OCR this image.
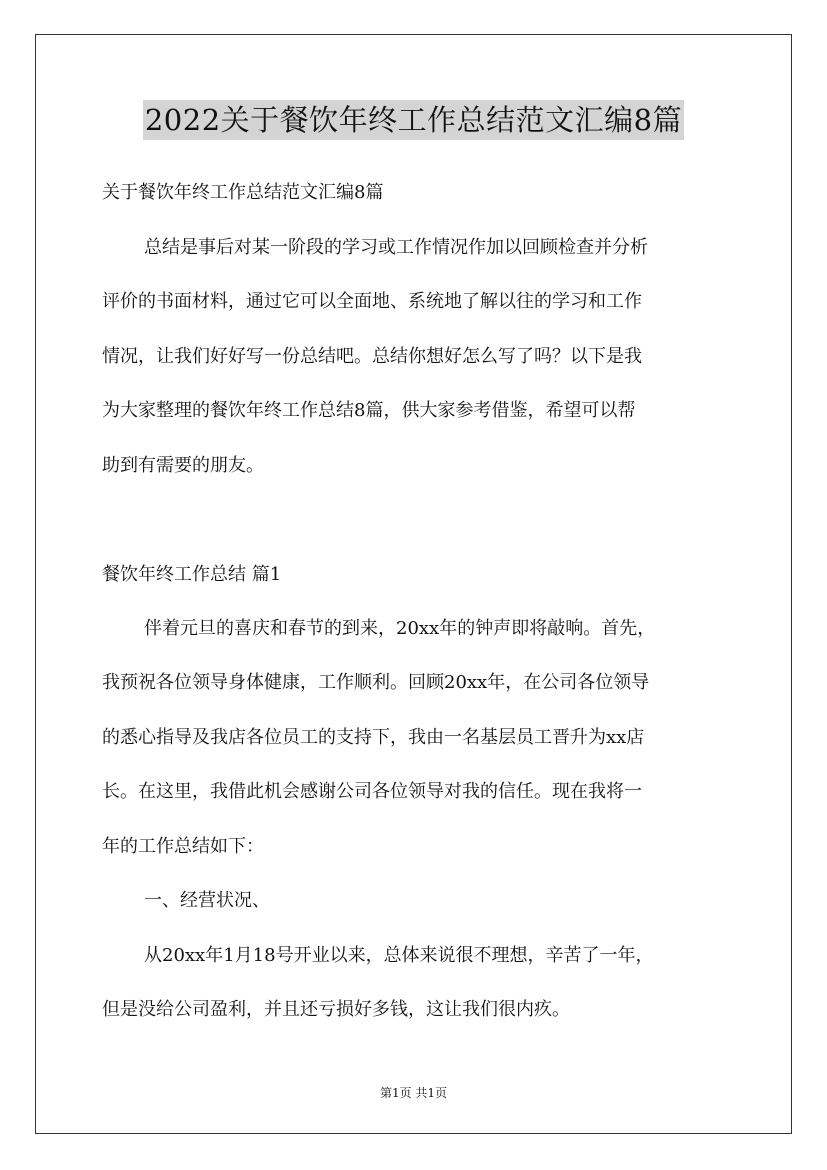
2022关于餐饮年终工作总结范文汇编8篇
关于餐饮年终工作总结范文汇编8篇
总结是事后对某一阶段的学习或工作情况作加以回顾检查并分析
评价的书面材料，通过它可以全面地、系统地了解以往的学习和工作
情况，让我们好好写一份总结吧。总结你想好怎么写了吗？以下是我
为大家整理的餐饮年终工作总结8篇，供大家参考借鉴，希望可以帮
助到有需要的朋友。
餐饮年终工作总结 篇1
伴着元旦的喜庆和春节的到来，20xx年的钟声即将敲响。首先，
我预祝各位领导身体健康，工作顺利。回顾20xx年，在公司各位领导
的悉心指导及我店各位员工的支持下，我由一名基层员工晋升为xx店
长。在这里，我借此机会感谢公司各位领导对我的信任。现在我将一
年的工作总结如下：
一、经营状况、
从20xx年1月18号开业以来，总体来说很不理想，辛苦了一年，
但是没给公司盈利，并且还亏损好多钱，这让我们很内疚。
第1页 共1页
